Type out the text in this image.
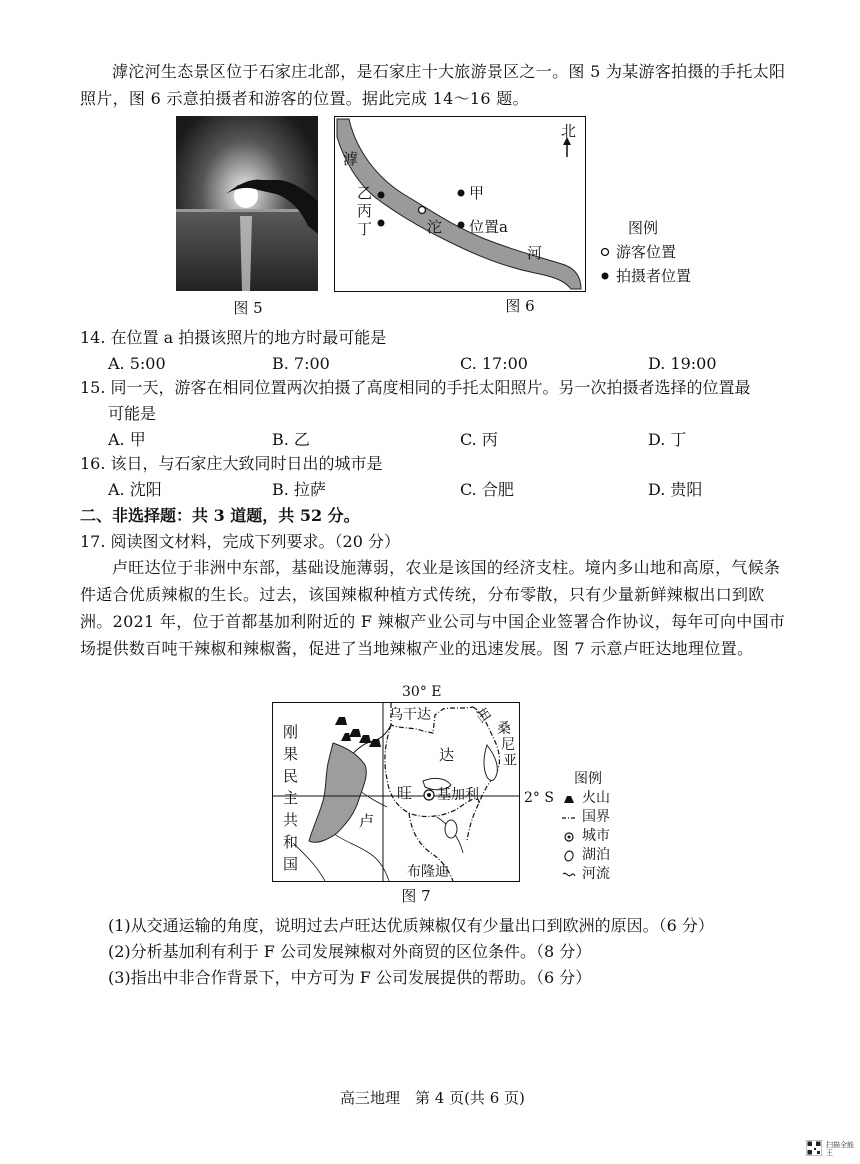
滹沱河生态景区位于石家庄北部，是石家庄十大旅游景区之一。图 5 为某游客拍摄的手托太阳照片，图 6 示意拍摄者和游客的位置。据此完成 14～16 题。
图 5
滹
沱
河
北
甲
乙
丙
丁	位置a
图 6
图例
游客位置
拍摄者位置
14. 在位置 a 拍摄该照片的地方时最可能是
A. 5:00	B. 7:00	C. 17:00	D. 19:00
15. 同一天，游客在相同位置两次拍摄了高度相同的手托太阳照片。另一次拍摄者选择的位置最
可能是
A. 甲	B. 乙	C. 丙	D. 丁
16. 该日，与石家庄大致同时日出的城市是
A. 沈阳	B. 拉萨	C. 合肥	D. 贵阳
二、非选择题：共 3 道题，共 52 分。
17. 阅读图文材料，完成下列要求。（20 分）
卢旺达位于非洲中东部，基础设施薄弱，农业是该国的经济支柱。境内多山地和高原，气候条件适合优质辣椒的生长。过去，该国辣椒种植方式传统，分布零散，只有少量新鲜辣椒出口到欧洲。2021 年，位于首都基加利附近的 F 辣椒产业公司与中国企业签署合作协议，每年可向中国市场提供数百吨干辣椒和辣椒酱，促进了当地辣椒产业的迅速发展。图 7 示意卢旺达地理位置。
30° E
刚
果
民
主
共
和
国
乌干达	坦
桑
尼
亚
达
旺
卢
基加利
布隆迪
2° S
图 7
图例
火山
国界
城市
湖泊
河流
(1)从交通运输的角度，说明过去卢旺达优质辣椒仅有少量出口到欧洲的原因。（6 分）
(2)分析基加利有利于 F 公司发展辣椒对外商贸的区位条件。（8 分）
(3)指出中非合作背景下，中方可为 F 公司发展提供的帮助。（6 分）
高三地理　第 4 页(共 6 页)
扫描全能王
